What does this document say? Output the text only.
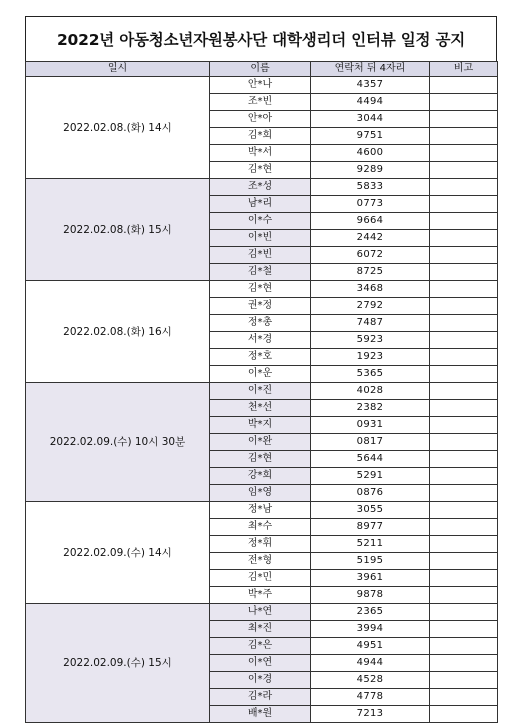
2022년 아동청소년자원봉사단 대학생리더 인터뷰 일정 공지
일시	이름	연락처 뒤 4자리	비고
2022.02.08.(화) 14시	안*나	4357	
	조*빈	4494	
	안*아	3044	
	김*희	9751	
	박*서	4600	
	김*현	9289	
2022.02.08.(화) 15시	조*성	5833	
	남*리	0773	
	이*수	9664	
	이*빈	2442	
	김*빈	6072	
	김*철	8725	
2022.02.08.(화) 16시	김*현	3468	
	권*정	2792	
	정*총	7487	
	서*경	5923	
	정*호	1923	
	이*운	5365	
2022.02.09.(수) 10시 30분	이*진	4028	
	천*선	2382	
	박*지	0931	
	이*완	0817	
	김*현	5644	
	강*희	5291	
	임*영	0876	
2022.02.09.(수) 14시	정*남	3055	
	최*수	8977	
	정*휘	5211	
	전*형	5195	
	김*민	3961	
	박*주	9878	
2022.02.09.(수) 15시	나*연	2365	
	최*진	3994	
	김*은	4951	
	이*연	4944	
	이*경	4528	
	김*라	4778	
	배*원	7213	
